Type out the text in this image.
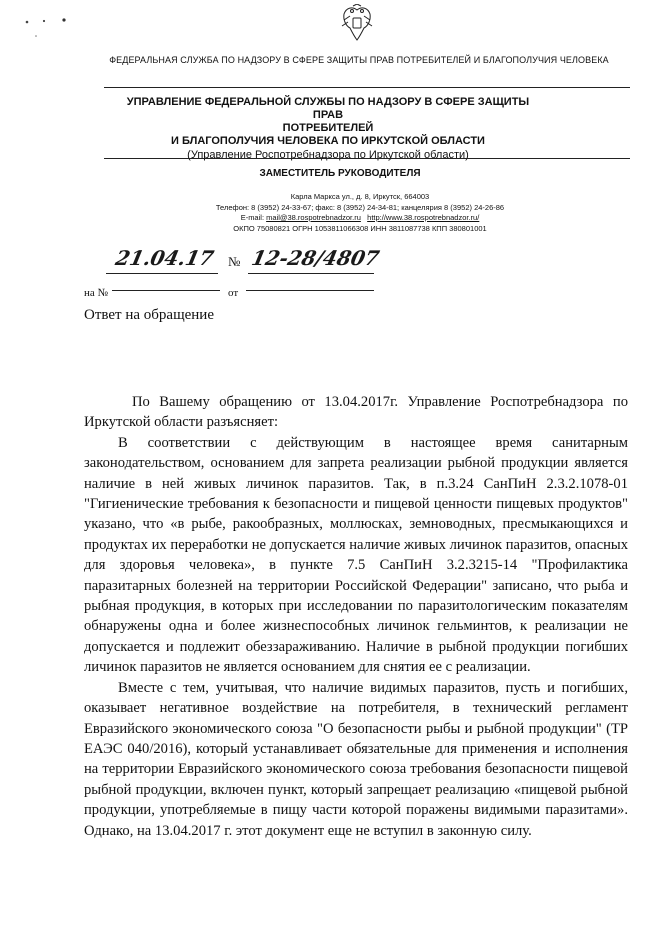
ФЕДЕРАЛЬНАЯ СЛУЖБА ПО НАДЗОРУ В СФЕРЕ ЗАЩИТЫ ПРАВ ПОТРЕБИТЕЛЕЙ И БЛАГОПОЛУЧИЯ ЧЕЛОВЕКА
УПРАВЛЕНИЕ ФЕДЕРАЛЬНОЙ СЛУЖБЫ ПО НАДЗОРУ В СФЕРЕ ЗАЩИТЫ ПРАВ
ПОТРЕБИТЕЛЕЙ
И БЛАГОПОЛУЧИЯ ЧЕЛОВЕКА ПО ИРКУТСКОЙ ОБЛАСТИ
(Управление Роспотребнадзора по Иркутской области)
ЗАМЕСТИТЕЛЬ РУКОВОДИТЕЛЯ
Карла Маркса ул., д. 8, Иркутск, 664003
Телефон: 8 (3952) 24-33-67; факс: 8 (3952) 24-34-81; канцелярия 8 (3952) 24-26-86
E-mail: mail@38.rospotrebnadzor.ru http://www.38.rospotrebnadzor.ru/
ОКПО 75080821 ОГРН 1053811066308 ИНН 3811087738 КПП 380801001
21.04.17 № 12-28/4807
на №	от
Ответ на обращение

По Вашему обращению от 13.04.2017г. Управление Роспотребнадзора по Иркутской области разъясняет:

В соответствии с действующим в настоящее время санитарным законодательством, основанием для запрета реализации рыбной продукции является наличие в ней живых личинок паразитов. Так, в п.3.24 СанПиН 2.3.2.1078-01 "Гигиенические требования к безопасности и пищевой ценности пищевых продуктов" указано, что «в рыбе, ракообразных, моллюсках, земноводных, пресмыкающихся и продуктах их переработки не допускается наличие живых личинок паразитов, опасных для здоровья человека», в пункте 7.5 СанПиН 3.2.3215-14 "Профилактика паразитарных болезней на территории Российской Федерации" записано, что рыба и рыбная продукция, в которых при исследовании по паразитологическим показателям обнаружены одна и более жизнеспособных личинок гельминтов, к реализации не допускается и подлежит обеззараживанию. Наличие в рыбной продукции погибших личинок паразитов не является основанием для снятия ее с реализации.

Вместе с тем, учитывая, что наличие видимых паразитов, пусть и погибших, оказывает негативное воздействие на потребителя, в технический регламент Евразийского экономического союза "О безопасности рыбы и рыбной продукции" (ТР ЕАЭС 040/2016), который устанавливает обязательные для применения и исполнения на территории Евразийского экономического союза требования безопасности пищевой рыбной продукции, включен пункт, который запрещает реализацию «пищевой рыбной продукции, употребляемые в пищу части которой поражены видимыми паразитами». Однако, на 13.04.2017 г. этот документ еще не вступил в законную силу.
